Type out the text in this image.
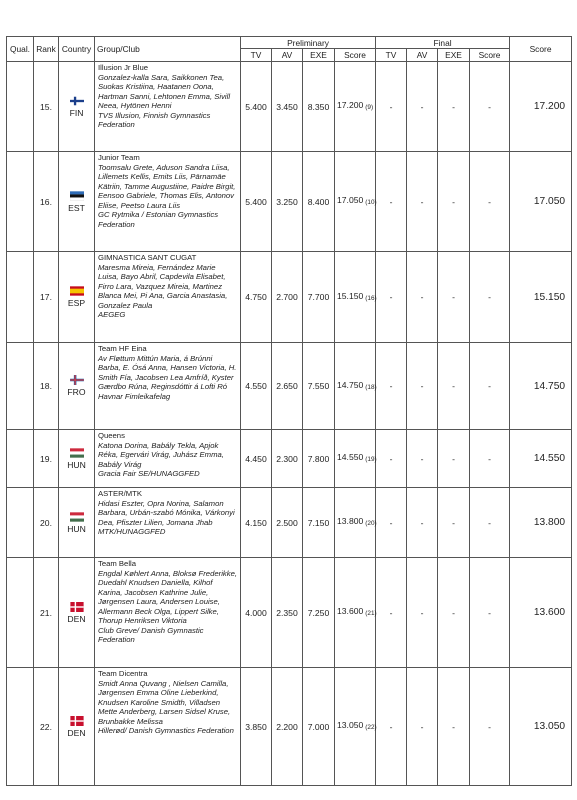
Qual.	Rank	Country	Group/Club	Preliminary				Final				Score
				TV	AV	EXE	Score	TV	AV	EXE	Score	
	15.	FIN	Illusion Jr Blue
Gonzalez-kalla Sara, Saikkonen Tea, Suokas Kristiina, Haatanen Oona, Hartman Sanni, Lehtonen Emma, Sivill Neea, Hytönen Henni
TVS Illusion, Finnish Gymnastics Federation	5.400	3.450	8.350	17.200 (9)	-	-	-	-	17.200
	16.	EST	Junior Team
Toomsalu Grete, Aduson Sandra Liisa, Lillemets Kellis, Emits Liis, Pärnamäe Kätriin, Tamme Augustiine, Paidre Birgit, Eensoo Gabriele, Thomas Elis, Antonov Eliise, Peetso Laura Liis
GC Rytmika / Estonian Gymnastics Federation	5.400	3.250	8.400	17.050 (10)	-	-	-	-	17.050
	17.	ESP	GIMNASTICA SANT CUGAT
Maresma Mireia, Fernández Marie Luisa, Bayo Abril, Capdevila Elisabet, Firro Lara, Vazquez Mireia, Martinez Blanca Mei, Pi Ana, Garcia Anastasia, Gonzalez Paula
AEGEG	4.750	2.700	7.700	15.150 (16)	-	-	-	-	15.150
	18.	FRO	Team HF Eina
Av Fløttum Mittún Maria, á Brúnni Barba, E. Ósá Anna, Hansen Victoria, H. Smith Fía, Jacobsen Lea Amfríð, Kyster Gærdbo Rúna, Reginsdóttir á Lofti Ró
Havnar Fimleikafelag	4.550	2.650	7.550	14.750 (18)	-	-	-	-	14.750
	19.	HUN	Queens
Katona Dorina, Babály Tekla, Apjok Réka, Egervári Virág, Juhász Emma, Babály Virág
Gracia Fair SE/HUNAGGFED	4.450	2.300	7.800	14.550 (19)	-	-	-	-	14.550
	20.	HUN	ASTER/MTK
Hidasi Eszter, Opra Norina, Salamon Barbara, Urbán-szabó Mónika, Várkonyi Dea, Pfiszter Lilien, Jomana Jhab
MTK/HUNAGGFED	4.150	2.500	7.150	13.800 (20)	-	-	-	-	13.800
	21.	DEN	Team Bella
Engdal Køhlert Anna, Bloksø Frederikke, Duedahl Knudsen Daniella, Kilhof Karina, Jacobsen Kathrine Julie, Jørgensen Laura, Andersen Louise, Allermann Beck Olga, Lippert Silke, Thorup Henriksen Viktoria
Club Greve/ Danish Gymnastic Federation	4.000	2.350	7.250	13.600 (21)	-	-	-	-	13.600
	22.	DEN	Team Dicentra
Smidt Anna Quvang , Nielsen Camilla, Jørgensen Emma Oline Lieberkind, Knudsen Karoline Smidth, Villadsen Mette Anderberg, Larsen Sidsel Kruse, Brunbakke Melissa
Hillerød/ Danish Gymnastics Federation	3.850	2.200	7.000	13.050 (22)	-	-	-	-	13.050
